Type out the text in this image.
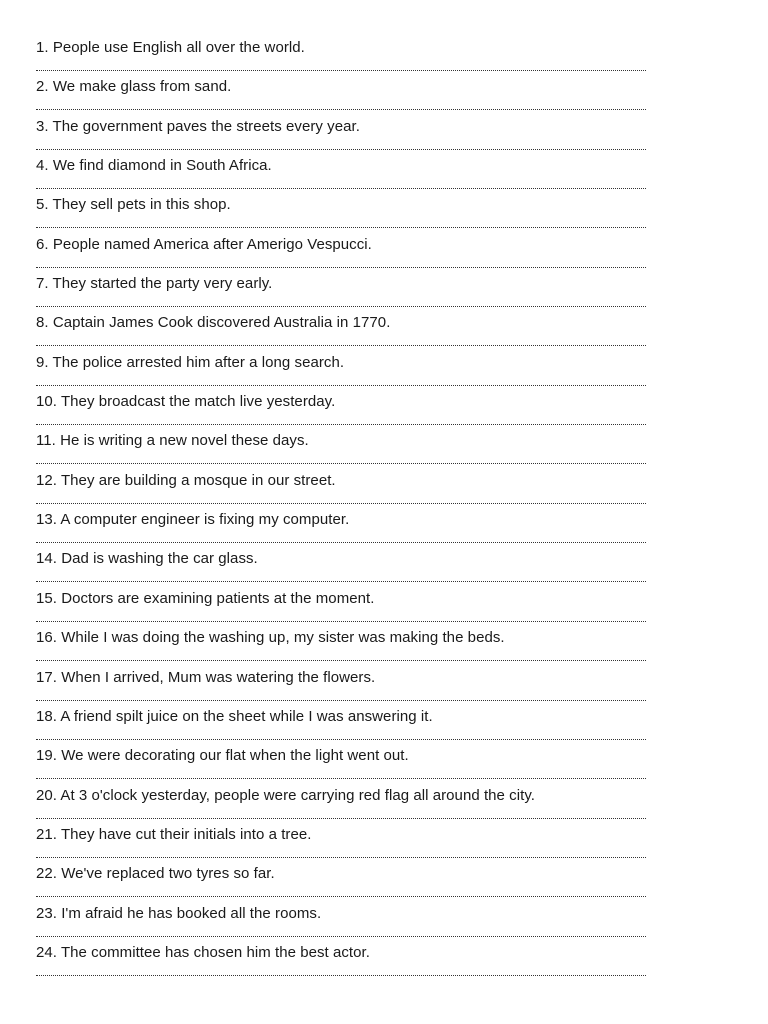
1. People use English all over the world.
2. We make glass from sand.
3. The government paves the streets every year.
4. We find diamond in South Africa.
5. They sell pets in this shop.
6. People named America after Amerigo Vespucci.
7. They started the party very early.
8. Captain James Cook discovered Australia in 1770.
9. The police arrested him after a long search.
10. They broadcast the match live yesterday.
11. He is writing a new novel these days.
12. They are building a mosque in our street.
13. A computer engineer is fixing my computer.
14. Dad is washing the car glass.
15. Doctors are examining patients at the moment.
16. While I was doing the washing up, my sister was making the beds.
17. When I arrived, Mum was watering the flowers.
18. A friend spilt juice on the sheet while I was answering it.
19. We were decorating our flat when the light went out.
20. At 3 o'clock yesterday, people were carrying red flag all around the city.
21. They have cut their initials into a tree.
22. We've replaced two tyres so far.
23. I'm afraid he has booked all the rooms.
24. The committee has chosen him the best actor.
